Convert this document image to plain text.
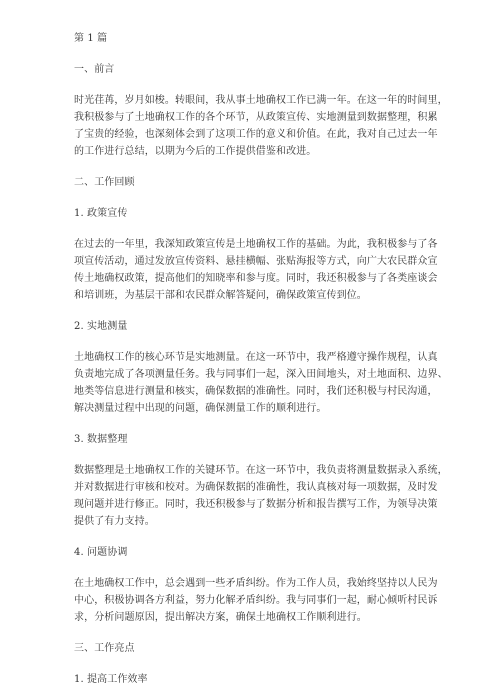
第 1 篇
一、前言
时光荏苒，岁月如梭。转眼间，我从事土地确权工作已满一年。在这一年的时间里，
我积极参与了土地确权工作的各个环节，从政策宣传、实地测量到数据整理，积累
了宝贵的经验，也深刻体会到了这项工作的意义和价值。在此，我对自己过去一年
的工作进行总结，以期为今后的工作提供借鉴和改进。
二、工作回顾
1. 政策宣传
在过去的一年里，我深知政策宣传是土地确权工作的基础。为此，我积极参与了各
项宣传活动，通过发放宣传资料、悬挂横幅、张贴海报等方式，向广大农民群众宣
传土地确权政策，提高他们的知晓率和参与度。同时，我还积极参与了各类座谈会
和培训班，为基层干部和农民群众解答疑问，确保政策宣传到位。
2. 实地测量
土地确权工作的核心环节是实地测量。在这一环节中，我严格遵守操作规程，认真
负责地完成了各项测量任务。我与同事们一起，深入田间地头，对土地面积、边界、
地类等信息进行测量和核实，确保数据的准确性。同时，我们还积极与村民沟通，
解决测量过程中出现的问题，确保测量工作的顺利进行。
3. 数据整理
数据整理是土地确权工作的关键环节。在这一环节中，我负责将测量数据录入系统，
并对数据进行审核和校对。为确保数据的准确性，我认真核对每一项数据，及时发
现问题并进行修正。同时，我还积极参与了数据分析和报告撰写工作，为领导决策
提供了有力支持。
4. 问题协调
在土地确权工作中，总会遇到一些矛盾纠纷。作为工作人员，我始终坚持以人民为
中心，积极协调各方利益，努力化解矛盾纠纷。我与同事们一起，耐心倾听村民诉
求，分析问题原因，提出解决方案，确保土地确权工作顺利进行。
三、工作亮点
1. 提高工作效率
